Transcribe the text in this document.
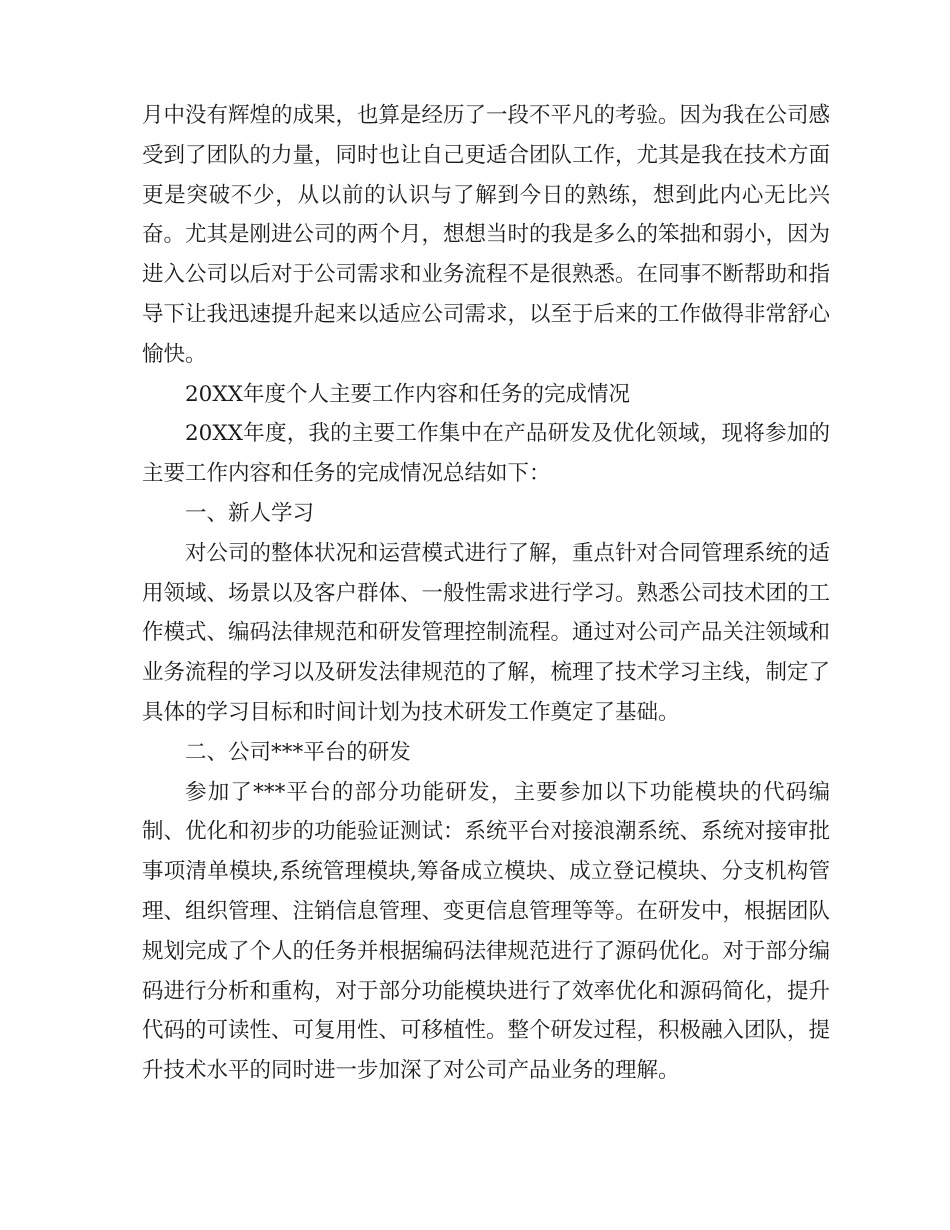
月中没有辉煌的成果，也算是经历了一段不平凡的考验。因为我在公司感受到了团队的力量，同时也让自己更适合团队工作，尤其是我在技术方面更是突破不少，从以前的认识与了解到今日的熟练，想到此内心无比兴奋。尤其是刚进公司的两个月，想想当时的我是多么的笨拙和弱小，因为进入公司以后对于公司需求和业务流程不是很熟悉。在同事不断帮助和指导下让我迅速提升起来以适应公司需求，以至于后来的工作做得非常舒心愉快。

20XX年度个人主要工作内容和任务的完成情况

20XX年度，我的主要工作集中在产品研发及优化领域，现将参加的主要工作内容和任务的完成情况总结如下：

一、新人学习

对公司的整体状况和运营模式进行了解，重点针对合同管理系统的适用领域、场景以及客户群体、一般性需求进行学习。熟悉公司技术团的工作模式、编码法律规范和研发管理控制流程。通过对公司产品关注领域和业务流程的学习以及研发法律规范的了解，梳理了技术学习主线，制定了具体的学习目标和时间计划为技术研发工作奠定了基础。

二、公司***平台的研发

参加了***平台的部分功能研发，主要参加以下功能模块的代码编制、优化和初步的功能验证测试：系统平台对接浪潮系统、系统对接审批事项清单模块,系统管理模块,筹备成立模块、成立登记模块、分支机构管理、组织管理、注销信息管理、变更信息管理等等。在研发中，根据团队规划完成了个人的任务并根据编码法律规范进行了源码优化。对于部分编码进行分析和重构，对于部分功能模块进行了效率优化和源码简化，提升代码的可读性、可复用性、可移植性。整个研发过程，积极融入团队，提升技术水平的同时进一步加深了对公司产品业务的理解。
